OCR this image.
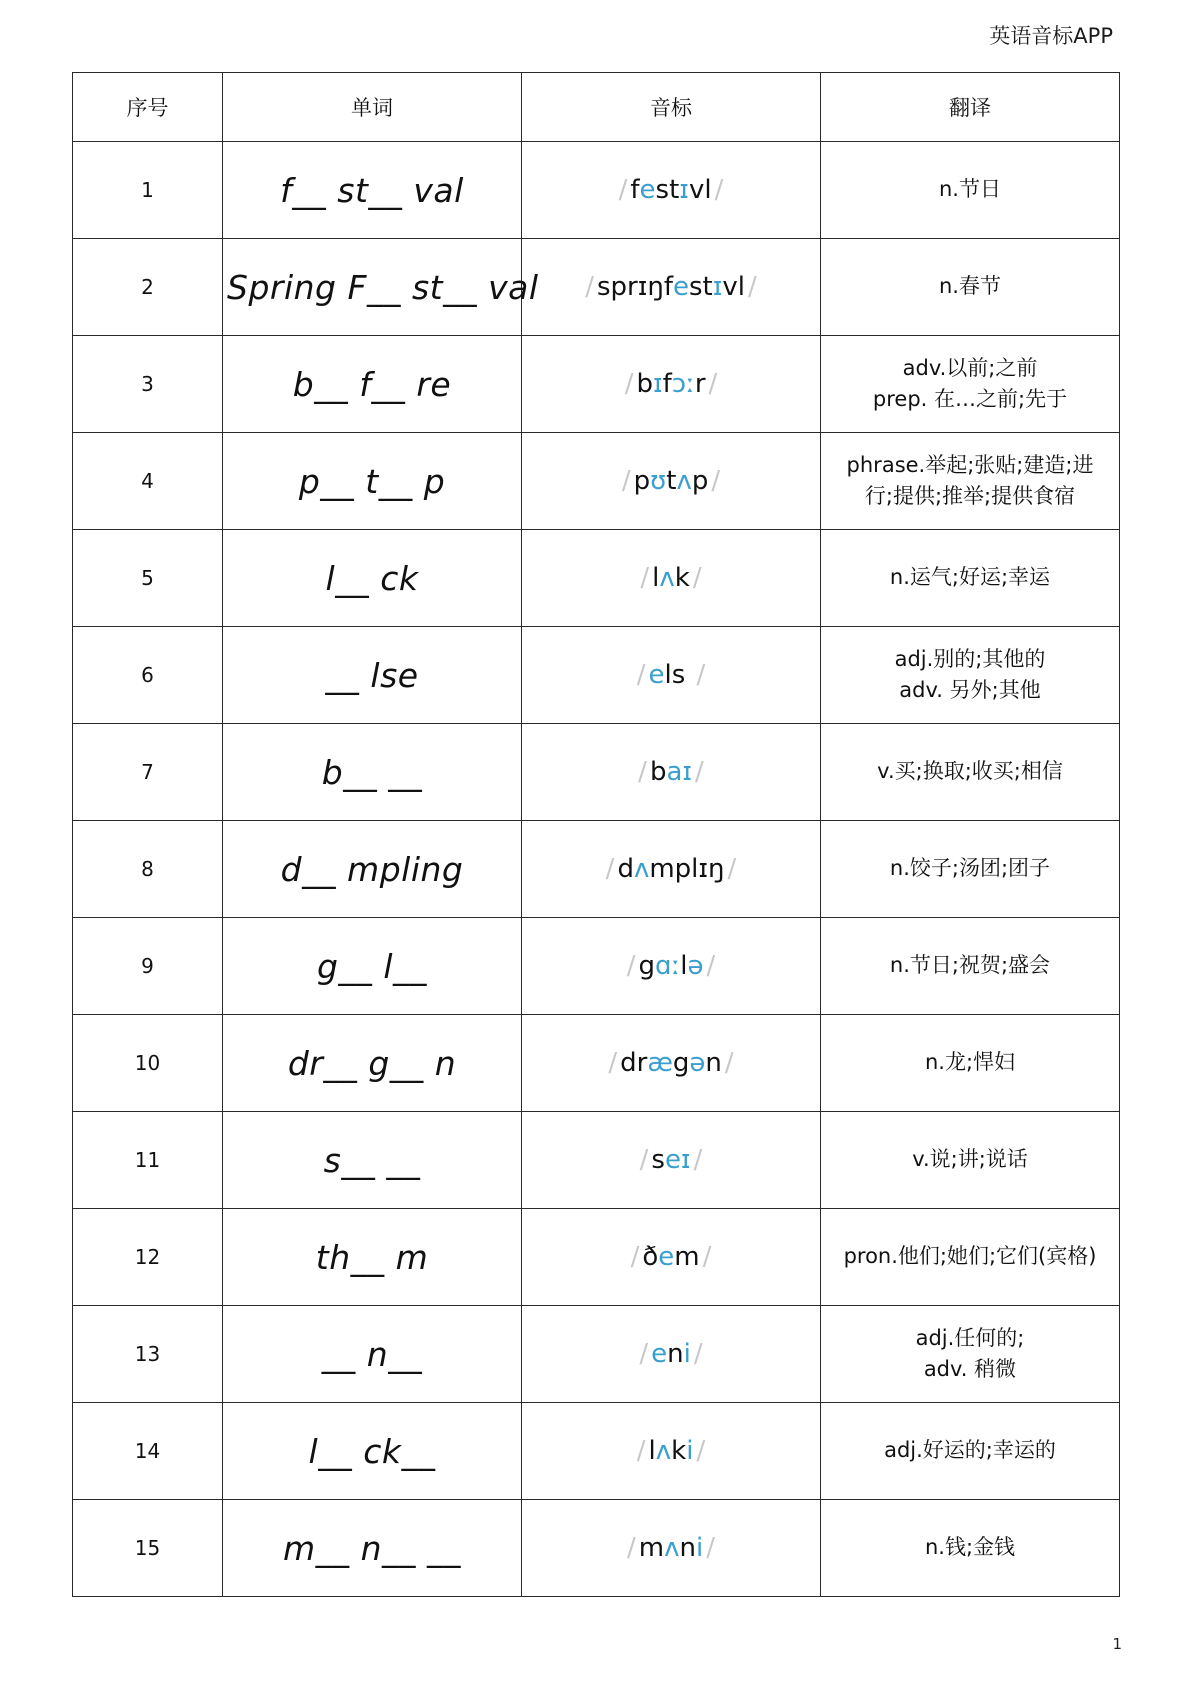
英语音标APP
序号	单词	音标	翻译
1	f__ st__ val	/ festɪvl /	n.节日

2	Spring F__ st__ val	/ sprɪŋfestɪvl /	n.春节

3	b__ f__ re	/ bɪfɔːr /	adv.以前;之前
prep. 在…之前;先于

4	p__ t__ p	/ pʊtʌp /	phrase.举起;张贴;建造;进
行;提供;推举;提供食宿

5	l__ ck	/ lʌk /	n.运气;好运;幸运

6	__ lse	/ els /	adj.别的;其他的
adv. 另外;其他

7	b__ __	/ baɪ /	v.买;换取;收买;相信

8	d__ mpling	/ dʌmplɪŋ /	n.饺子;汤团;团子

9	g__ l__	/ gɑːlə /	n.节日;祝贺;盛会

10	dr__ g__ n	/ drægən /	n.龙;悍妇

11	s__ __	/ seɪ /	v.说;讲;说话

12	th__ m	/ ðem /	pron.他们;她们;它们(宾格)

13	__ n__	/ eni /	adj.任何的;
adv. 稍微

14	l__ ck__	/ lʌki /	adj.好运的;幸运的

15	m__ n__ __	/ mʌni /	n.钱;金钱
1
